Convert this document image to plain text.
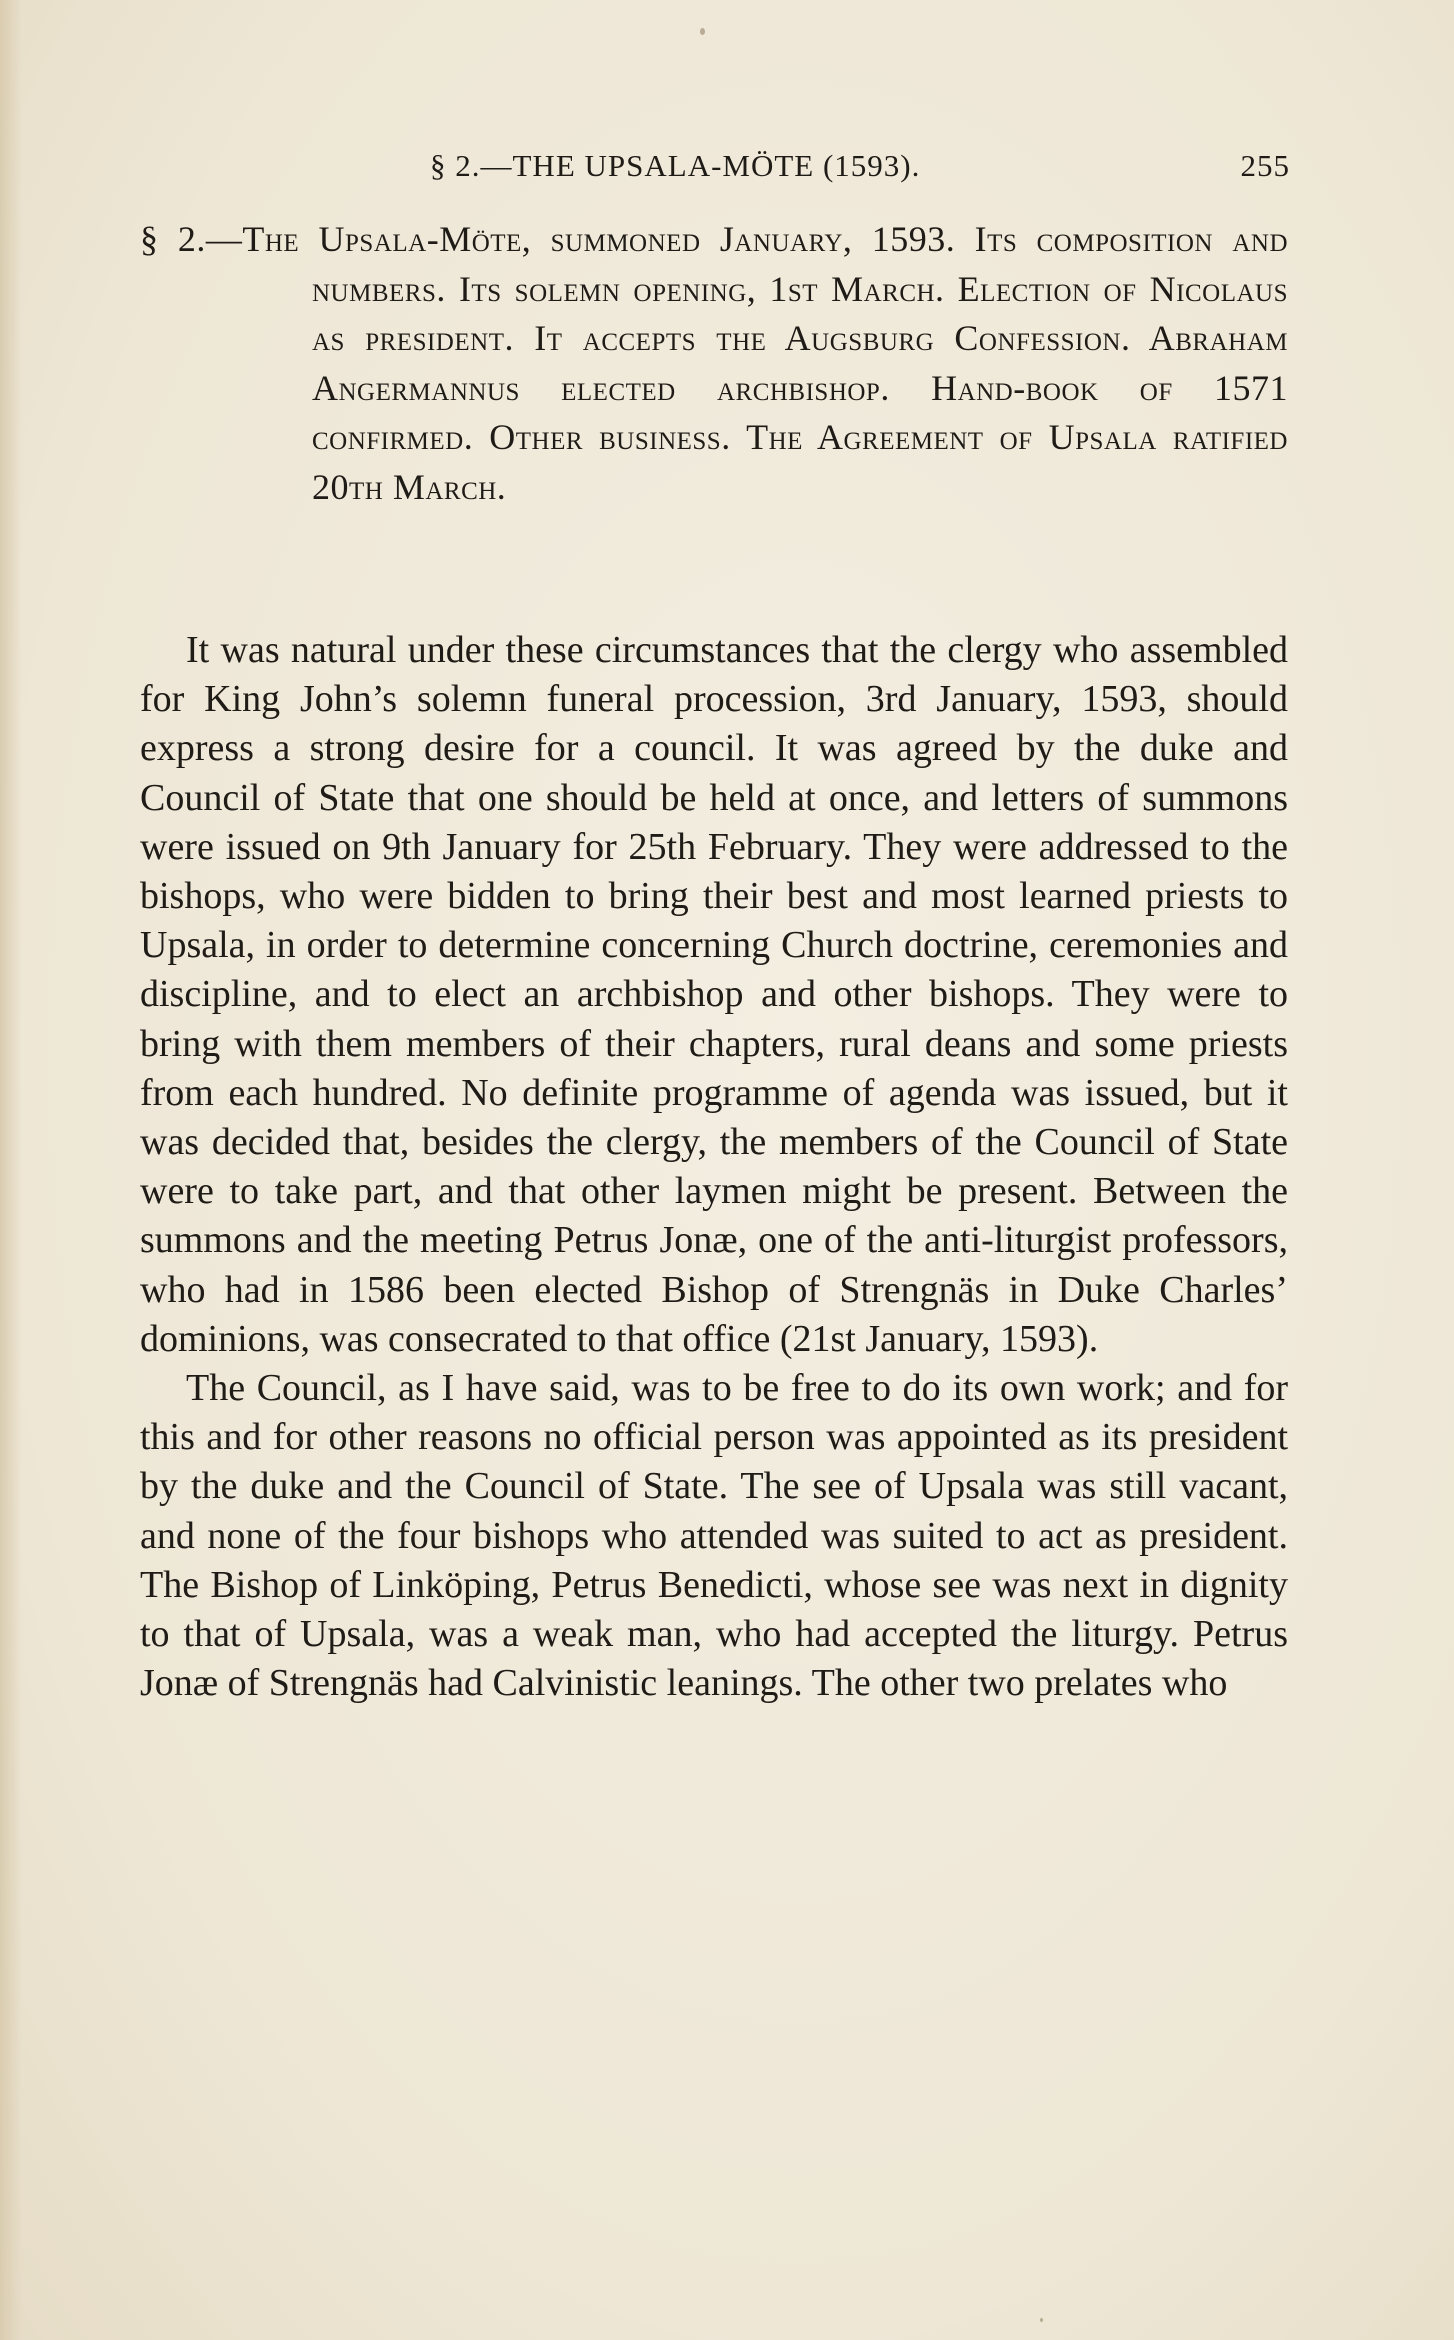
§ 2.—THE UPSALA-MÖTE (1593).	255
§ 2.—The Upsala-Möte, summoned January, 1593. Its composition and numbers. Its solemn opening, 1st March. Election of Nicolaus as president. It accepts the Augsburg Confession. Abraham Angermannus elected archbishop. Hand-book of 1571 confirmed. Other business. The Agreement of Upsala ratified 20th March.

It was natural under these circumstances that the clergy who assembled for King John’s solemn funeral procession, 3rd January, 1593, should express a strong desire for a council. It was agreed by the duke and Council of State that one should be held at once, and letters of summons were issued on 9th January for 25th February. They were addressed to the bishops, who were bidden to bring their best and most learned priests to Upsala, in order to determine concerning Church doctrine, ceremonies and discipline, and to elect an archbishop and other bishops. They were to bring with them members of their chapters, rural deans and some priests from each hundred. No definite programme of agenda was issued, but it was decided that, besides the clergy, the members of the Council of State were to take part, and that other laymen might be present. Between the summons and the meeting Petrus Jonæ, one of the anti-liturgist professors, who had in 1586 been elected Bishop of Strengnäs in Duke Charles’ dominions, was consecrated to that office (21st January, 1593).

The Council, as I have said, was to be free to do its own work; and for this and for other reasons no official person was appointed as its president by the duke and the Council of State. The see of Upsala was still vacant, and none of the four bishops who attended was suited to act as president. The Bishop of Linköping, Petrus Benedicti, whose see was next in dignity to that of Upsala, was a weak man, who had accepted the liturgy. Petrus Jonæ of Strengnäs had Calvinistic leanings. The other two prelates who
